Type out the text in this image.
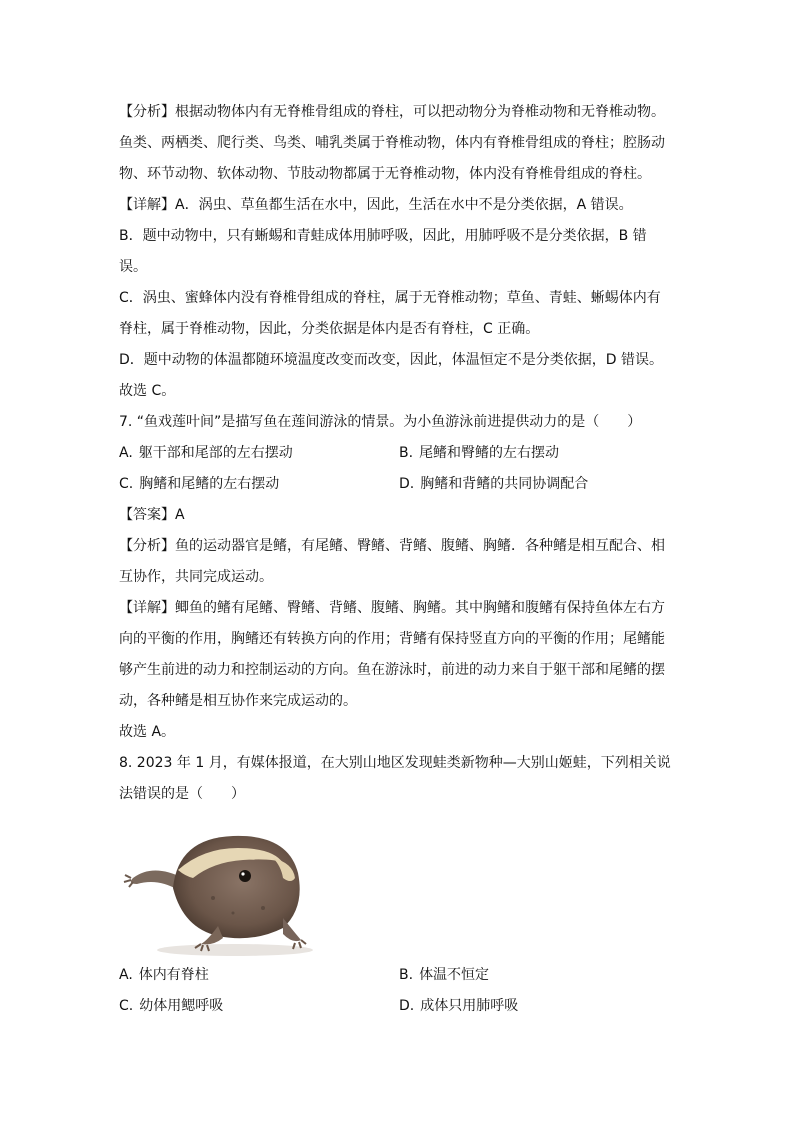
【分析】根据动物体内有无脊椎骨组成的脊柱，可以把动物分为脊椎动物和无脊椎动物。
鱼类、两栖类、爬行类、鸟类、哺乳类属于脊椎动物，体内有脊椎骨组成的脊柱；腔肠动
物、环节动物、软体动物、节肢动物都属于无脊椎动物，体内没有脊椎骨组成的脊柱。
【详解】A．涡虫、草鱼都生活在水中，因此，生活在水中不是分类依据，A 错误。
B．题中动物中，只有蜥蜴和青蛙成体用肺呼吸，因此，用肺呼吸不是分类依据，B 错
误。
C．涡虫、蜜蜂体内没有脊椎骨组成的脊柱，属于无脊椎动物；草鱼、青蛙、蜥蜴体内有
脊柱，属于脊椎动物，因此，分类依据是体内是否有脊柱，C 正确。
D．题中动物的体温都随环境温度改变而改变，因此，体温恒定不是分类依据，D 错误。
故选 C。
7. “鱼戏莲叶间”是描写鱼在莲间游泳的情景。为小鱼游泳前进提供动力的是（　　）
A. 躯干部和尾部的左右摆动	B. 尾鳍和臀鳍的左右摆动
C. 胸鳍和尾鳍的左右摆动	D. 胸鳍和背鳍的共同协调配合
【答案】A
【分析】鱼的运动器官是鳍，有尾鳍、臀鳍、背鳍、腹鳍、胸鳍．各种鳍是相互配合、相
互协作，共同完成运动。
【详解】鲫鱼的鳍有尾鳍、臀鳍、背鳍、腹鳍、胸鳍。其中胸鳍和腹鳍有保持鱼体左右方
向的平衡的作用，胸鳍还有转换方向的作用；背鳍有保持竖直方向的平衡的作用；尾鳍能
够产生前进的动力和控制运动的方向。鱼在游泳时，前进的动力来自于躯干部和尾鳍的摆
动，各种鳍是相互协作来完成运动的。
故选 A。
8. 2023 年 1 月，有媒体报道，在大别山地区发现蛙类新物种—大别山姬蛙，下列相关说
法错误的是（　　）
A. 体内有脊柱	B. 体温不恒定
C. 幼体用鳃呼吸	D. 成体只用肺呼吸
